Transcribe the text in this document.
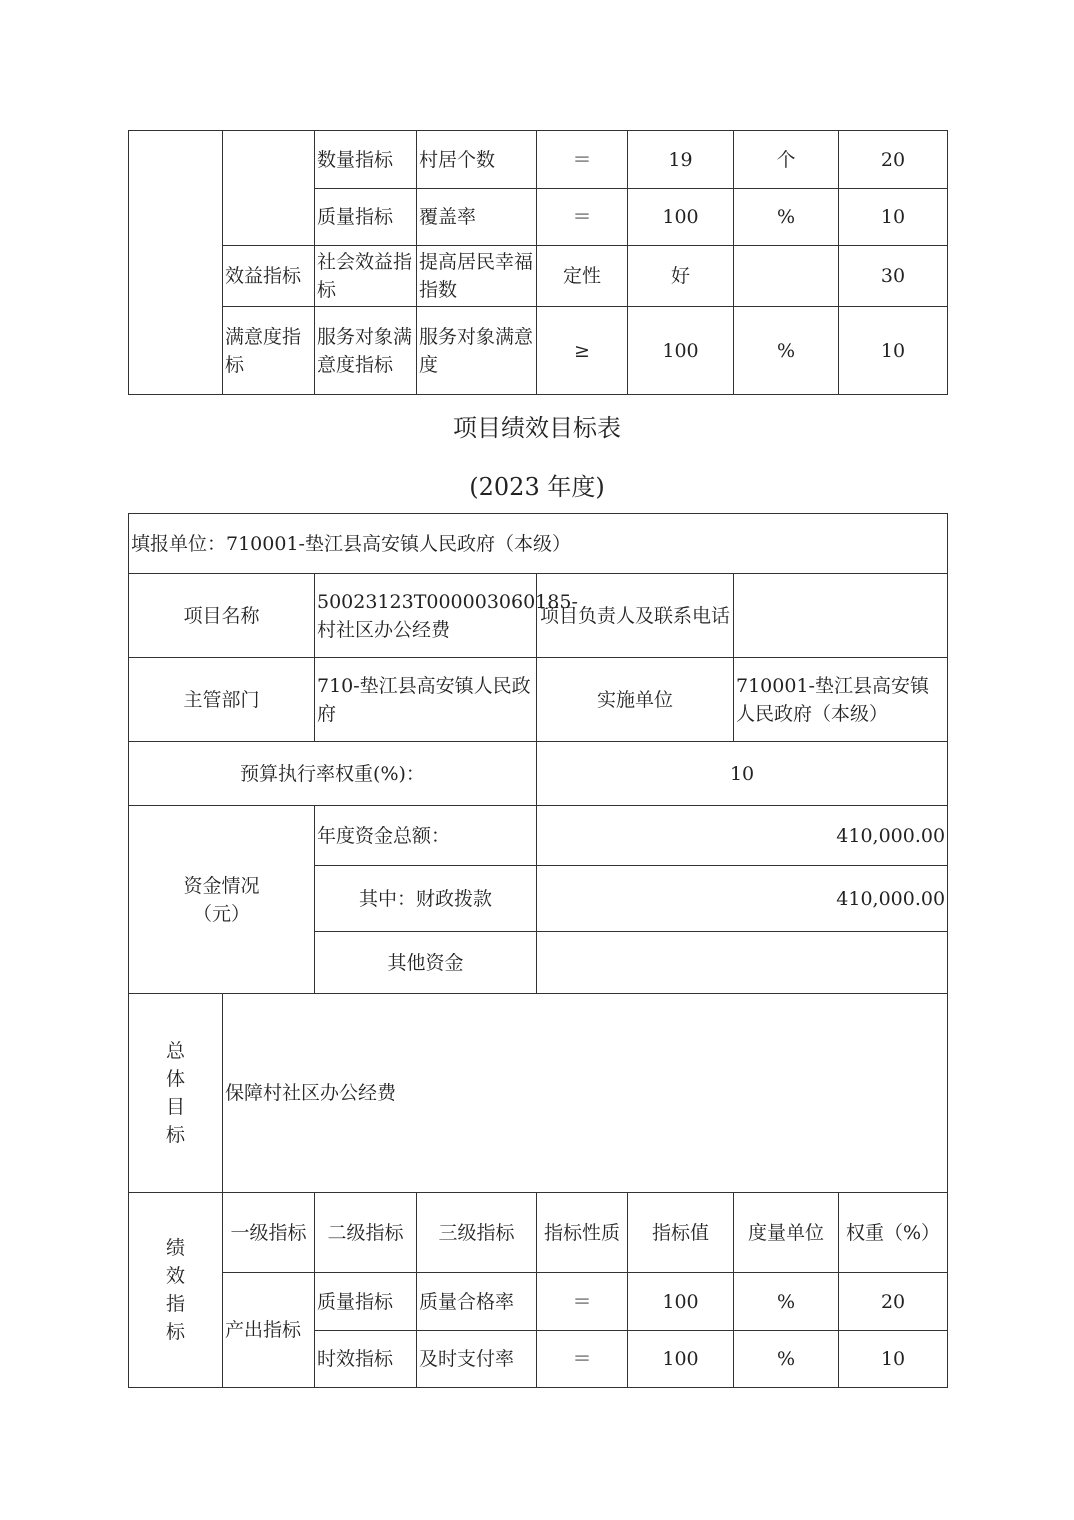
		数量指标	村居个数	＝	19	个	20
		质量指标	覆盖率	＝	100	%	10
	效益指标	社会效益指标	提高居民幸福指数	定性	好		30
	满意度指标	服务对象满意度指标	服务对象满意度	≥	100	%	10
项目绩效目标表
(2023 年度)
填报单位：710001-垫江县高安镇人民政府（本级）							
项目名称		50023123T000003060185-村社区办公经费		项目负责人及联系电话			
主管部门		710-垫江县高安镇人民政府		实施单位		710001-垫江县高安镇人民政府（本级）	
预算执行率权重(%)：				10			

资金情况（元）		年度资金总额：		410,000.00			
		其中：财政拨款		410,000.00			
		其他资金					

总体目标	保障村社区办公经费						

绩效指标	一级指标	二级指标	三级指标	指标性质	指标值	度量单位	权重（%）
	产出指标	质量指标	质量合格率	＝	100	%	20
		时效指标	及时支付率	＝	100	%	10
